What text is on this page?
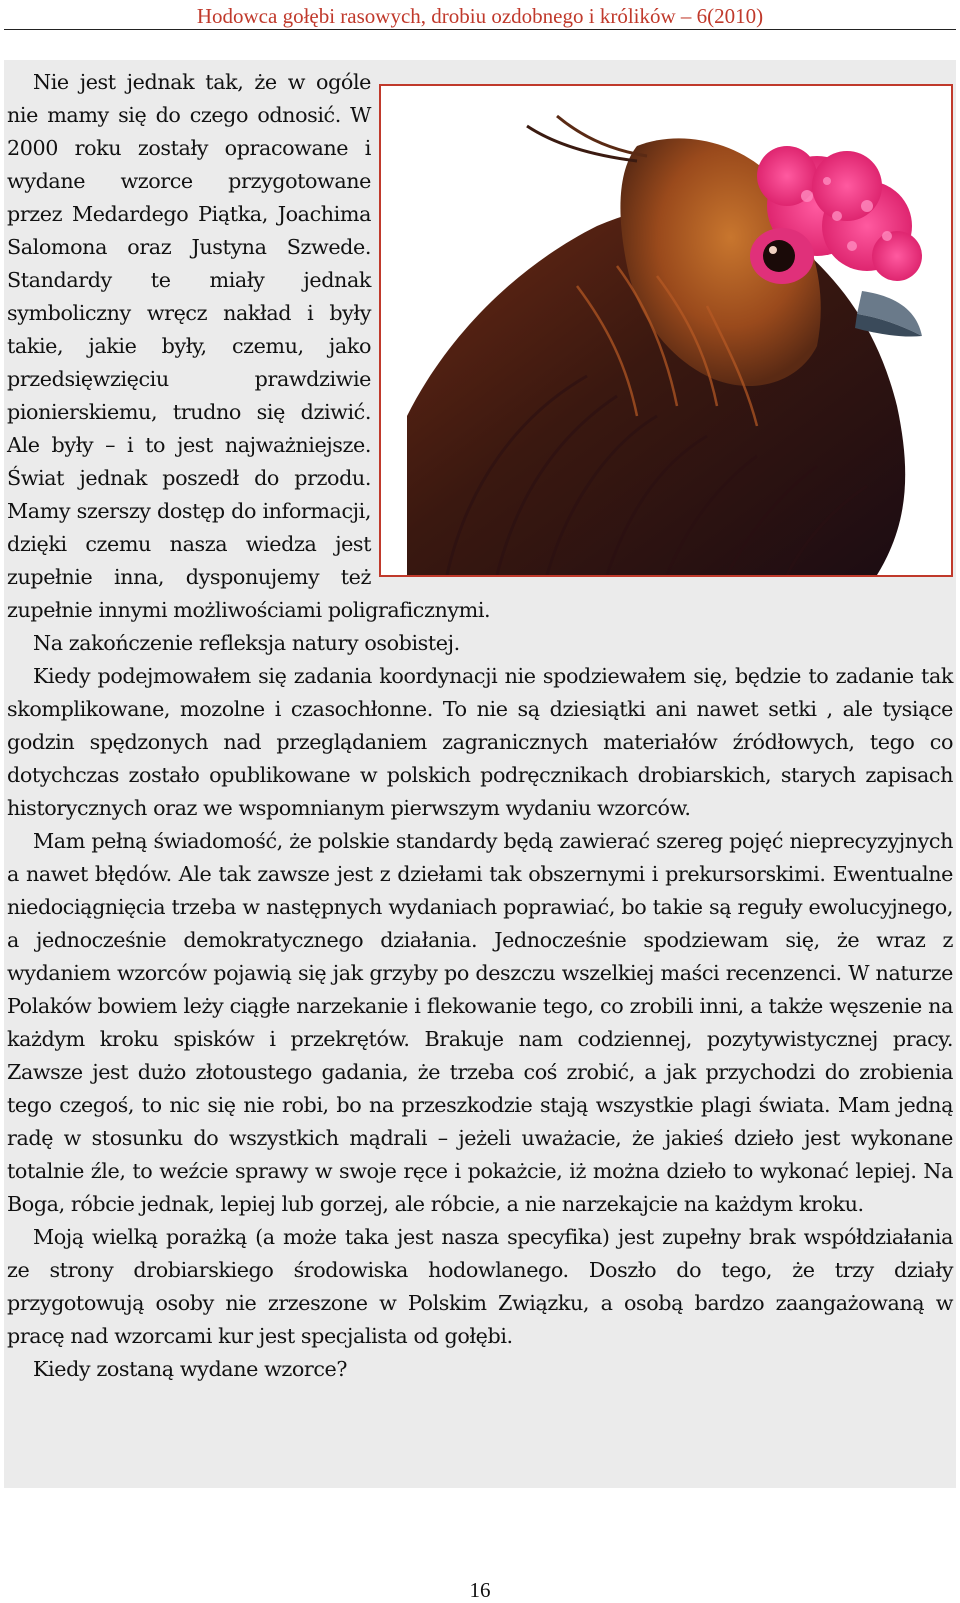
Hodowca gołębi rasowych, drobiu ozdobnego i królików – 6(2010)

Nie jest jednak tak, że w ogóle nie mamy się do czego odnosić. W 2000 roku zostały opracowane i wydane wzorce przygotowane przez Medardego Piątka, Joachima Salomona oraz Justyna Szwede. Standardy te miały jednak symboliczny wręcz nakład i były takie, jakie były, czemu, jako przedsięwzięciu prawdziwie pionierskiemu, trudno się dziwić. Ale były – i to jest najważniejsze. Świat jednak poszedł do przodu. Mamy szerszy dostęp do informacji, dzięki czemu nasza wiedza jest zupełnie inna, dysponujemy też zupełnie innymi możliwościami poligraficznymi.

Na zakończenie refleksja natury osobistej.

Kiedy podejmowałem się zadania koordynacji nie spodziewałem się, będzie to zadanie tak skomplikowane, mozolne i czasochłonne. To nie są dziesiątki ani nawet setki , ale tysiące godzin spędzonych nad przeglądaniem zagranicznych materiałów źródłowych, tego co dotychczas zostało opublikowane w polskich podręcznikach drobiarskich, starych zapisach historycznych oraz we wspomnianym pierwszym wydaniu wzorców.

Mam pełną świadomość, że polskie standardy będą zawierać szereg pojęć nieprecyzyjnych a nawet błędów. Ale tak zawsze jest z dziełami tak obszernymi i prekursorskimi. Ewentualne niedociągnięcia trzeba w następnych wydaniach poprawiać, bo takie są reguły ewolucyjnego, a jednocześnie demokratycznego działania. Jednocześnie spodziewam się, że wraz z wydaniem wzorców pojawią się jak grzyby po deszczu wszelkiej maści recenzenci. W naturze Polaków bowiem leży ciągłe narzekanie i flekowanie tego, co zrobili inni, a także węszenie na każdym kroku spisków i przekrętów. Brakuje nam codziennej, pozytywistycznej pracy. Zawsze jest dużo złotoustego gadania, że trzeba coś zrobić, a jak przychodzi do zrobienia tego czegoś, to nic się nie robi, bo na przeszkodzie stają wszystkie plagi świata. Mam jedną radę w stosunku do wszystkich mądrali – jeżeli uważacie, że jakieś dzieło jest wykonane totalnie źle, to weźcie sprawy w swoje ręce i pokażcie, iż można dzieło to wykonać lepiej. Na Boga, róbcie jednak, lepiej lub gorzej, ale róbcie, a nie narzekajcie na każdym kroku.

Moją wielką porażką (a może taka jest nasza specyfika) jest zupełny brak współdziałania ze strony drobiarskiego środowiska hodowlanego. Doszło do tego, że trzy działy przygotowują osoby nie zrzeszone w Polskim Związku, a osobą bardzo zaangażowaną w pracę nad wzorcami kur jest specjalista od gołębi.

Kiedy zostaną wydane wzorce?

16
